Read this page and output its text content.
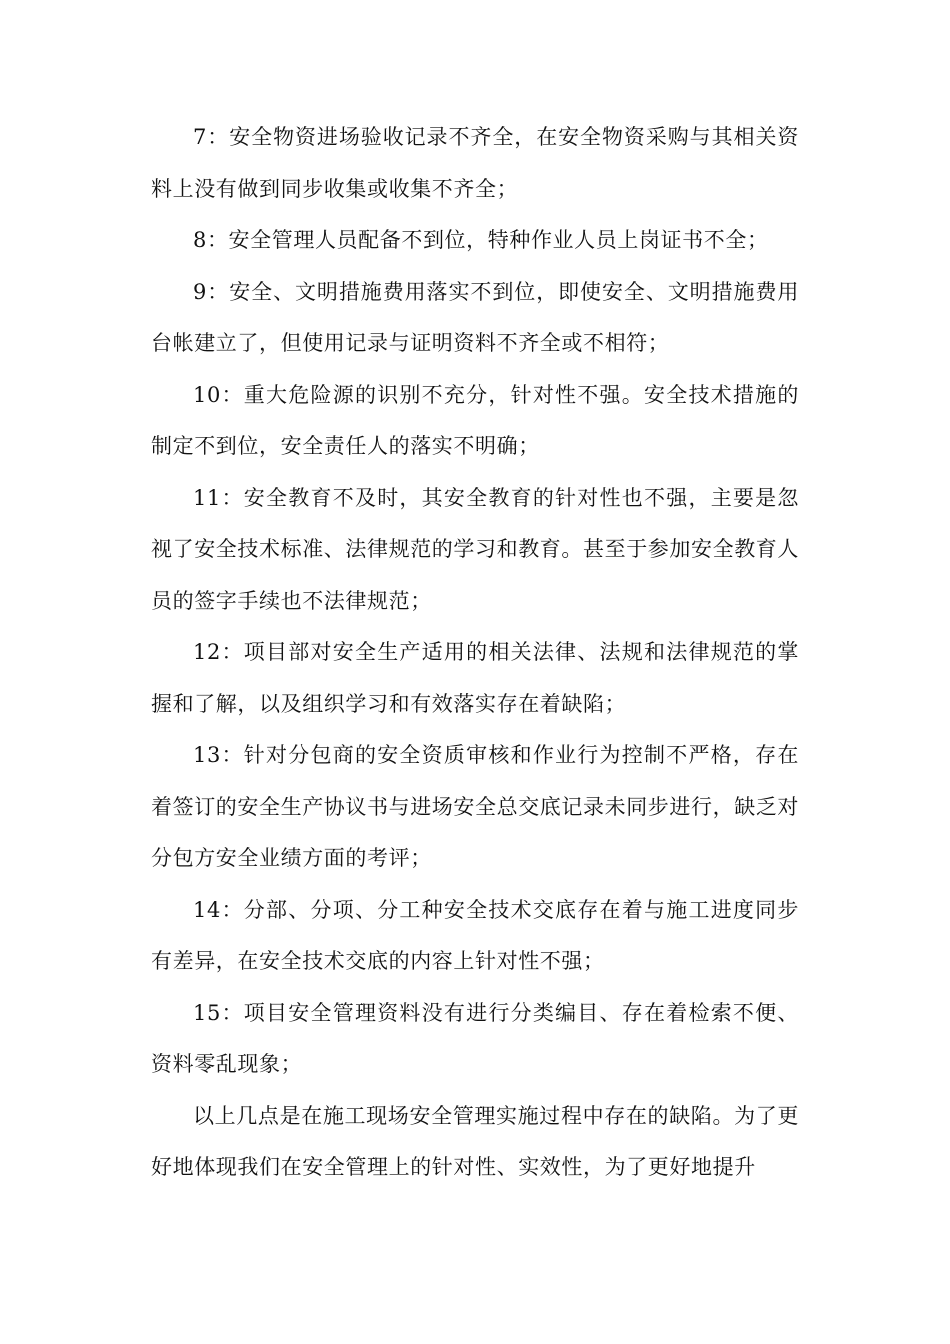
7：安全物资进场验收记录不齐全，在安全物资采购与其相关资料上没有做到同步收集或收集不齐全；

8：安全管理人员配备不到位，特种作业人员上岗证书不全；

9：安全、文明措施费用落实不到位，即使安全、文明措施费用台帐建立了，但使用记录与证明资料不齐全或不相符；

10：重大危险源的识别不充分，针对性不强。安全技术措施的制定不到位，安全责任人的落实不明确；

11：安全教育不及时，其安全教育的针对性也不强，主要是忽视了安全技术标准、法律规范的学习和教育。甚至于参加安全教育人员的签字手续也不法律规范；

12：项目部对安全生产适用的相关法律、法规和法律规范的掌握和了解，以及组织学习和有效落实存在着缺陷；

13：针对分包商的安全资质审核和作业行为控制不严格，存在着签订的安全生产协议书与进场安全总交底记录未同步进行，缺乏对分包方安全业绩方面的考评；

14：分部、分项、分工种安全技术交底存在着与施工进度同步有差异，在安全技术交底的内容上针对性不强；

15：项目安全管理资料没有进行分类编目、存在着检索不便、资料零乱现象；

以上几点是在施工现场安全管理实施过程中存在的缺陷。为了更好地体现我们在安全管理上的针对性、实效性，为了更好地提升
